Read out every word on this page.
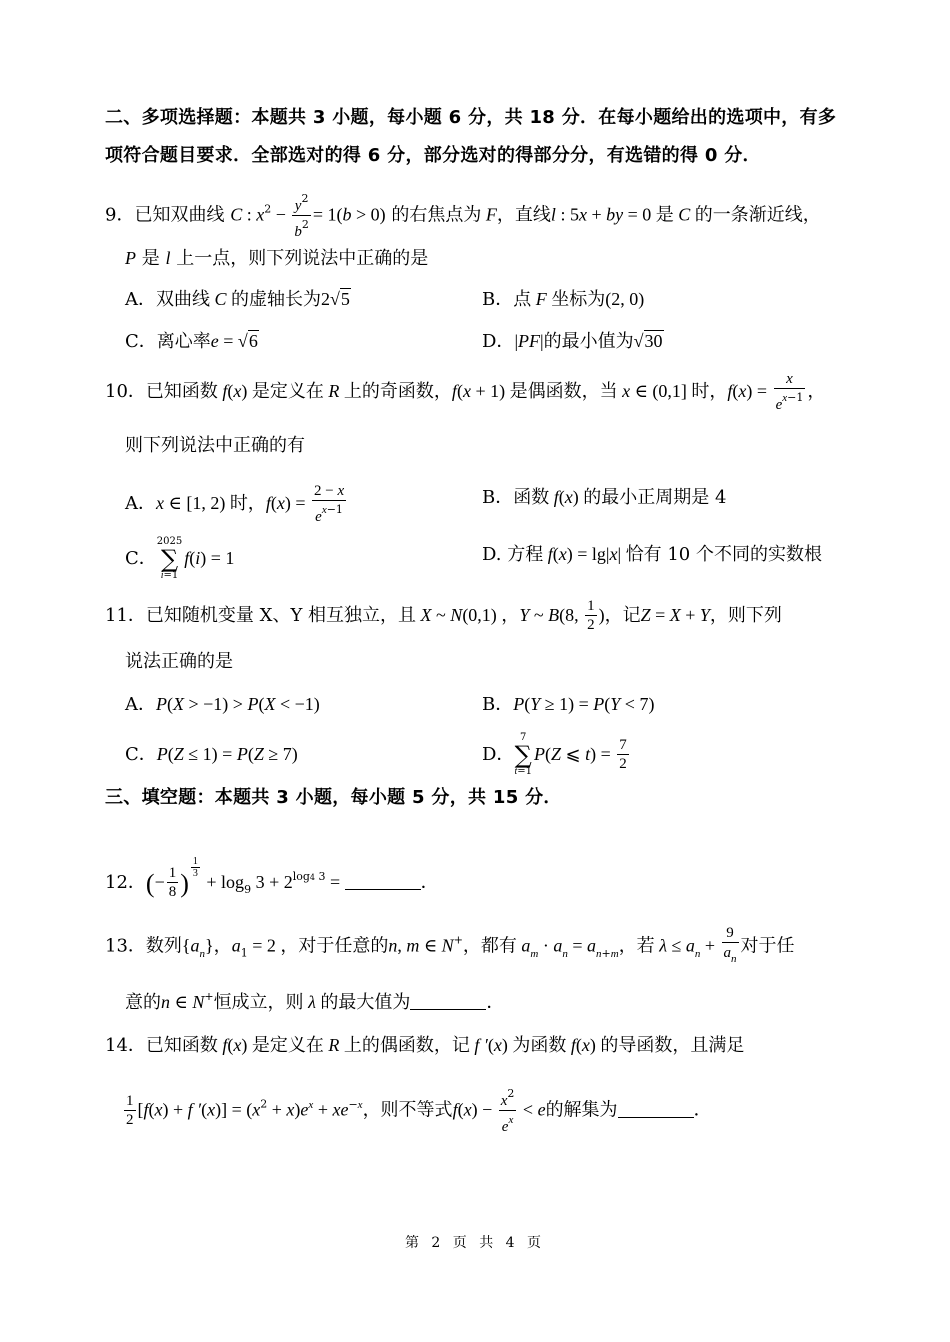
二、多项选择题：本题共 3 小题，每小题 6 分，共 18 分．在每小题给出的选项中，有多
项符合题目要求．全部选对的得 6 分，部分选对的得部分分，有选错的得 0 分．
9．已知双曲线 C : $x^2 - \frac{y^2}{b^2} = 1(b > 0)$ 的右焦点为 F，直线l : 5x + by = 0 是 C 的一条渐近线，
P 是 l 上一点，则下列说法中正确的是
A．双曲线 C 的虚轴长为2√5	B．点 F 坐标为(2, 0)
C．离心率e = √6	D．|PF|的最小值为√30
10．已知函数 f(x) 是定义在 R 上的奇函数，f(x + 1) 是偶函数，当 x ∈ (0,1] 时，$f(x) = \frac{x}{e^{x-1}}$ ，
则下列说法中正确的有
A．x ∈ [1, 2) 时，$f(x) = \frac{2 - x}{e^{x-1}}$	B．函数 f(x) 的最小正周期是 4
C．
2025
∑
i=1
f(i) = 1	D. 方程 f(x) = lg|x| 恰有 10 个不同的实数根
11．已知随机变量 X、Y 相互独立，且 X ~ N(0,1) ，Y ~ B(8, $\frac{1}{2}$ )，记Z = X + Y，则下列
说法正确的是
A．P(X > −1) > P(X < −1)	B．P(Y ≥ 1) = P(Y < 7)
C．P(Z ≤ 1) = P(Z ≥ 7)	D．
7
∑
t=1
P(Z ⩽ $t) = \frac{7}{2}$
三、填空题：本题共 3 小题，每小题 5 分，共 15 分．
12．(− $\frac{1}{8}$ )
$^{\frac{1}{3}}$
+ $\log_9 3 + 2^{log4 3}$ =	．
13．数列$\{a_n\}$，$a_1 = 2$ ，对于任意的n, m ∈ N+，都有 $a_m \cdot a_n = a_{n+m}$，若 $\lambda \le a_n + \frac{9}{a_n}$ 对于任
意的n ∈ N+恒成立，则 λ 的最大值为	．
14．已知函数 f(x) 是定义在 R 上的偶函数，记 f ′(x) 为函数 f(x) 的导函数，且满足
$\frac{1}{2} [f(x) + f$ $'(x)] = (x^2 + x)e^x + xe^{-x}$，则不等式$f(x) - \frac{x^2}{e^x} < e$的解集为	．
第 2 页 共 4 页
